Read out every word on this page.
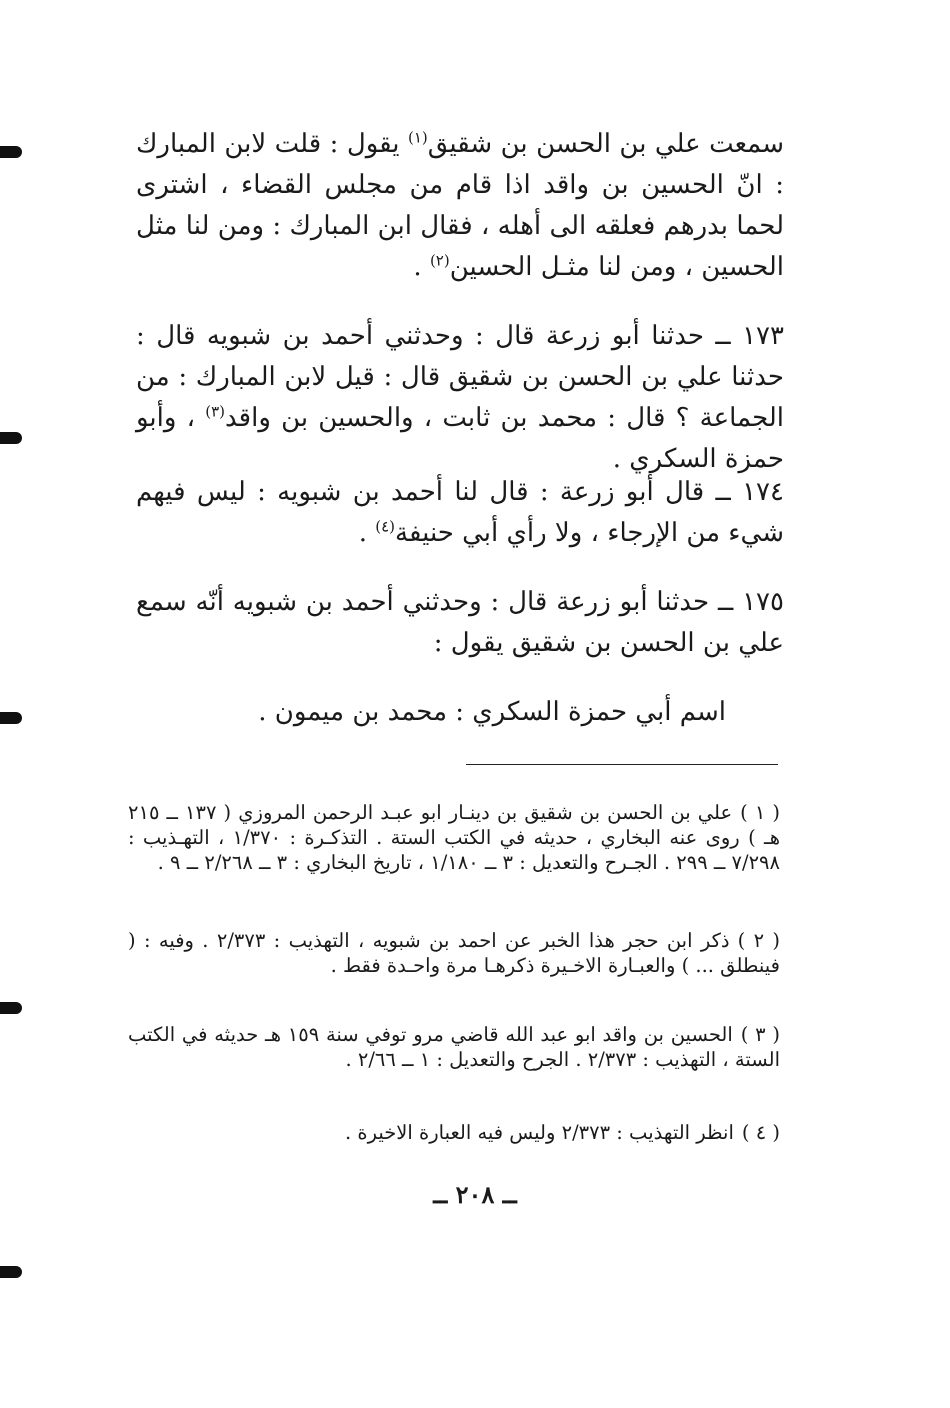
سمعت علي بن الحسن بن شقيق$^{(١)}$ يقول : قلت لابن المبارك : انّ الحسين بن واقد اذا قام من مجلس القضاء ، اشترى لحما بدرهم فعلقه الى أهله ، فقال ابن المبارك : ومن لنا مثل الحسين ، ومن لنا مثـل الحسين$^{(٢)}$ .

١٧٣ ــ حدثنا أبو زرعة قال : وحدثني أحمد بن شبويه قال : حدثنا علي بن الحسن بن شقيق قال : قيل لابن المبارك : من الجماعة ؟ قال : محمد بن ثابت ، والحسين بن واقد$^{(٣)}$ ، وأبو حمزة السكري .

١٧٤ ــ قال أبو زرعة : قال لنا أحمد بن شبويه : ليس فيهم شيء من الإرجاء ، ولا رأي أبي حنيفة$^{(٤)}$ .

١٧٥ ــ حدثنا أبو زرعة قال : وحدثني أحمد بن شبويه أنّه سمع علي بن الحسن بن شقيق يقول :

اسم أبي حمزة السكري : محمد بن ميمون .

( ١ )علي بن الحسن بن شقيق بن دينـار ابو عبـد الرحمن المروزي ( ١٣٧ ــ ٢١٥ هـ ) روى عنه البخاري ، حديثه في الكتب الستة . التذكـرة : ١/٣٧٠ ، التهـذيب : ٧/٢٩٨ ــ ٢٩٩ . الجـرح والتعديل : ٣ ــ ١/١٨٠ ، تاريخ البخاري : ٣ ــ ٢/٢٦٨ ــ ٩ .
( ٢ )ذكر ابن حجر هذا الخبر عن احمد بن شبويه ، التهذيب : ٢/٣٧٣ . وفيه : ( فينطلق ... ) والعبـارة الاخـيرة ذكرهـا مرة واحـدة فقط .
( ٣ )الحسين بن واقد ابو عبد الله قاضي مرو توفي سنة ١٥٩ هـ حديثه في الكتب الستة ، التهذيب : ٢/٣٧٣ . الجرح والتعديل : ١ ــ ٢/٦٦ .
( ٤ )انظر التهذيب : ٢/٣٧٣ وليس فيه العبارة الاخيرة .
ــ ٢٠٨ ــ
